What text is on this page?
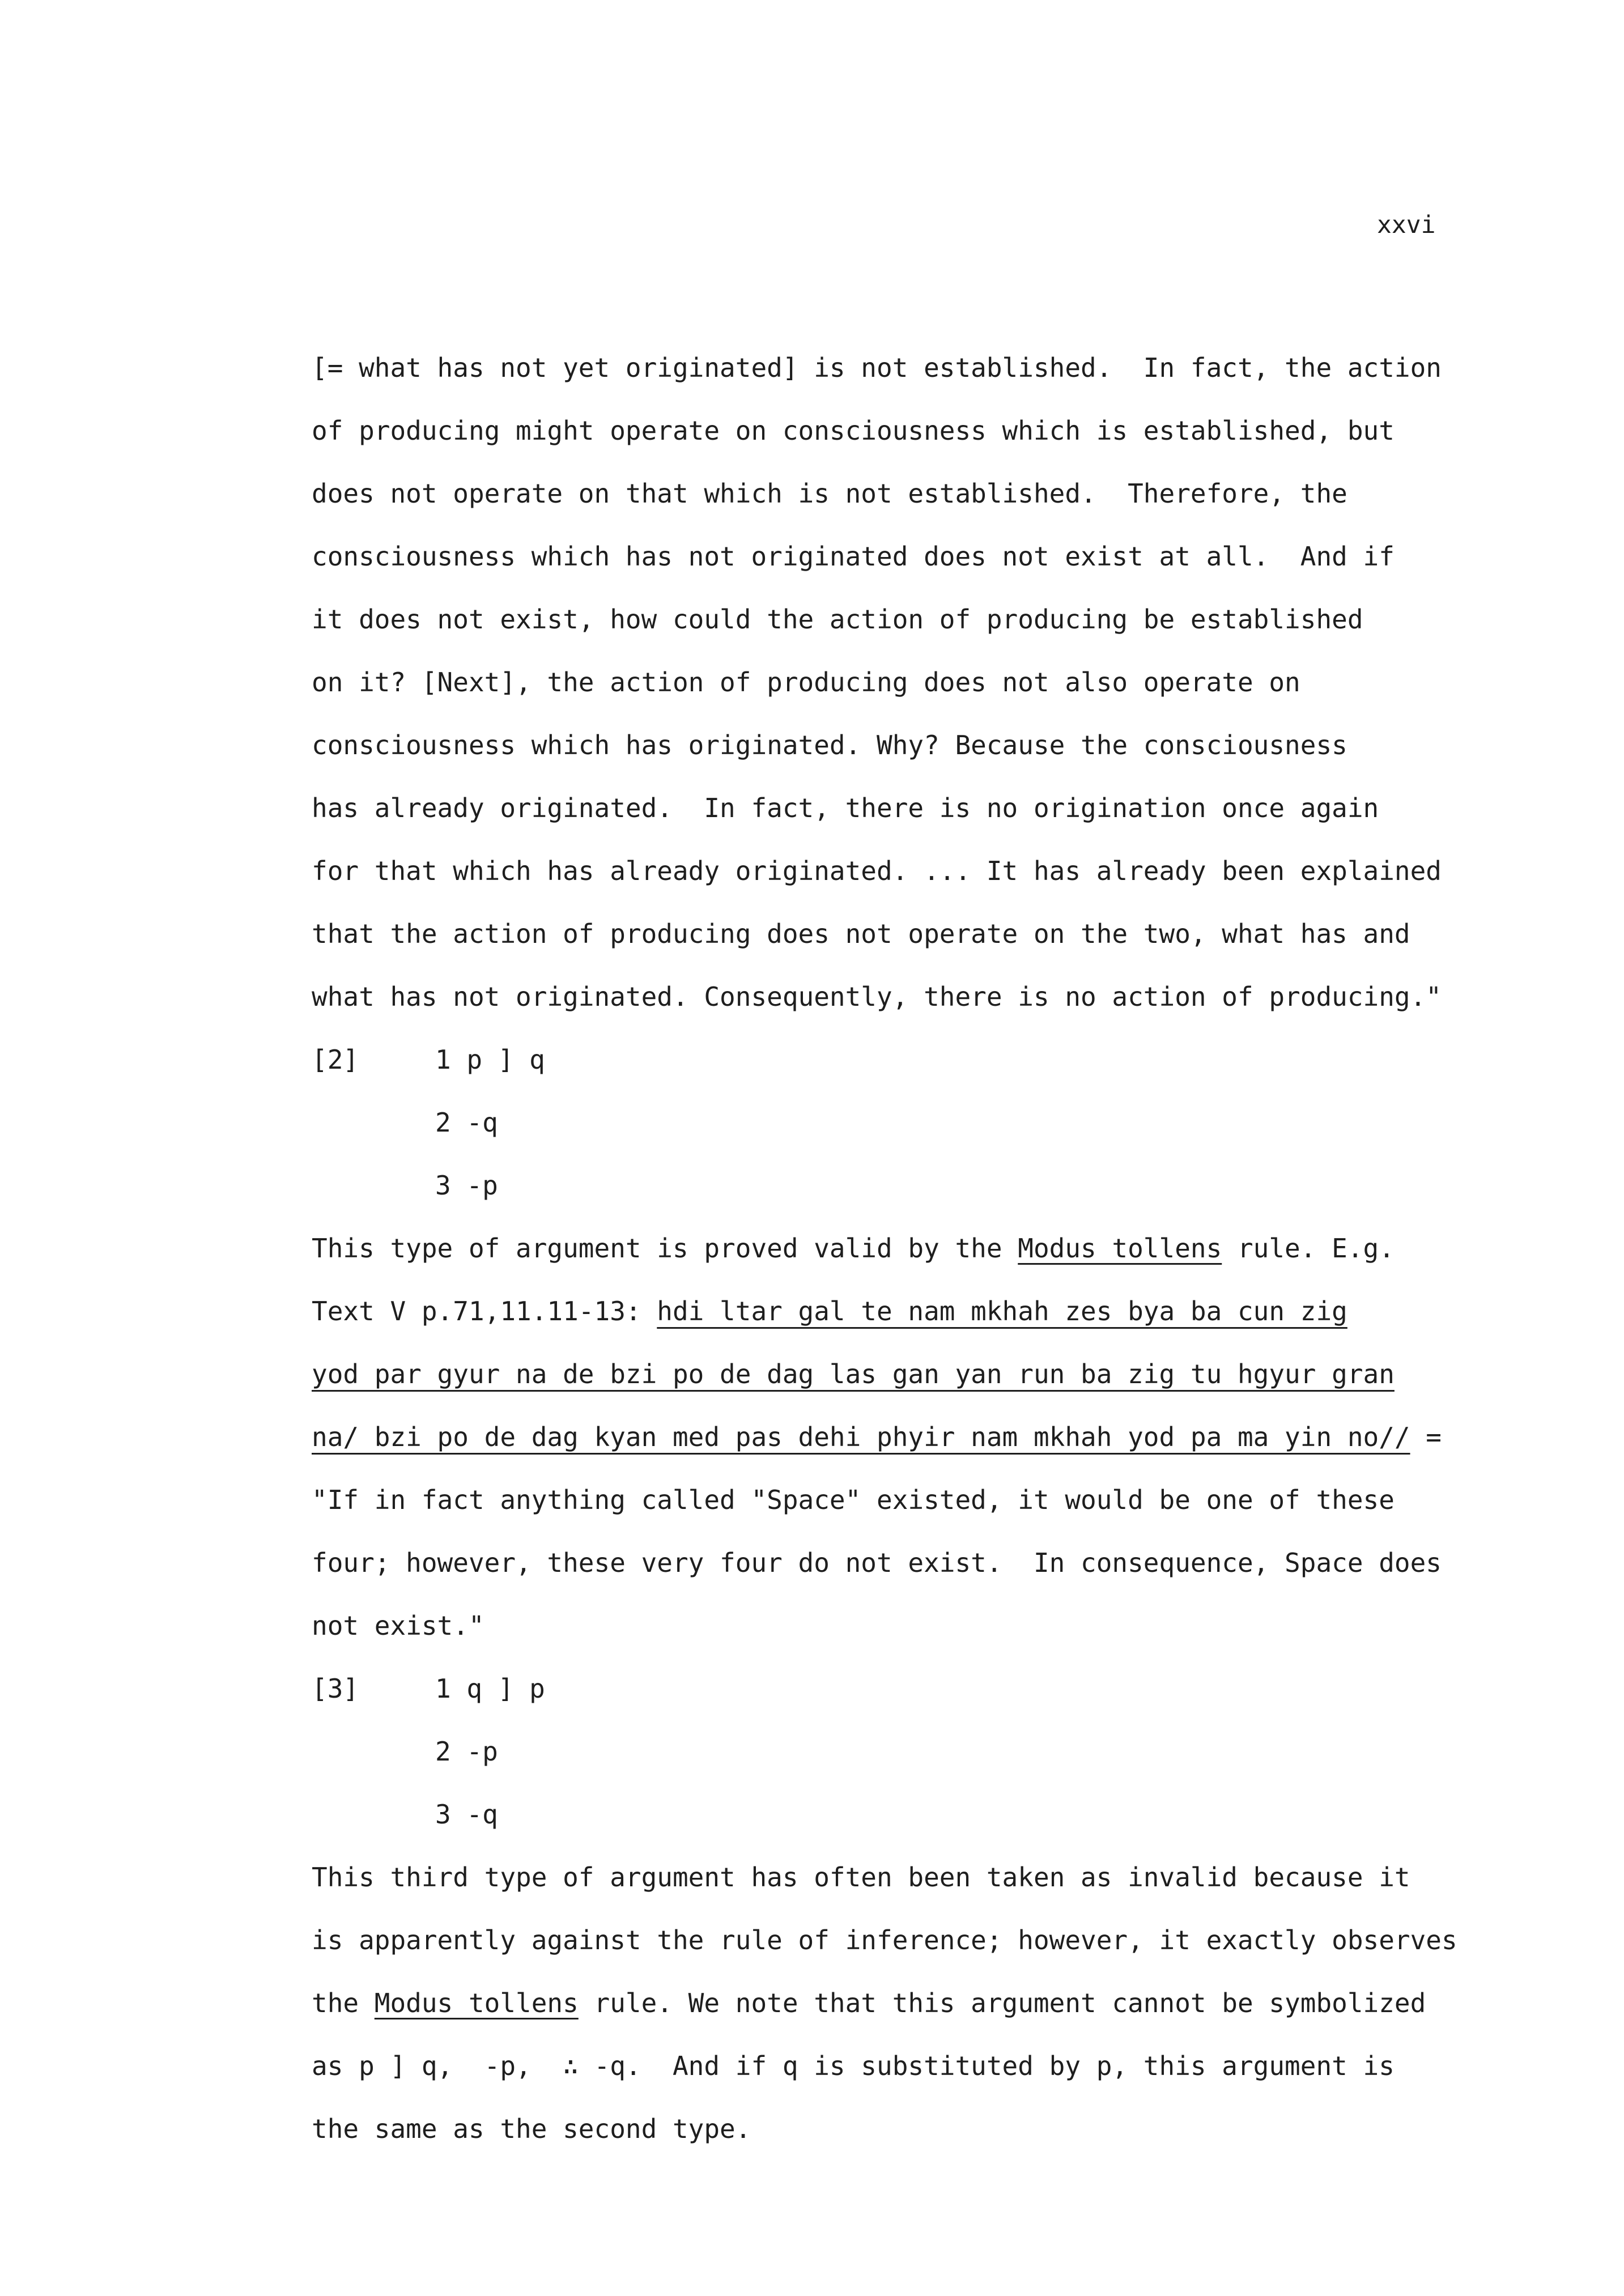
xxvi
[= what has not yet originated] is not established.  In fact, the action
of producing might operate on consciousness which is established, but
does not operate on that which is not established.  Therefore, the
consciousness which has not originated does not exist at all.  And if
it does not exist, how could the action of producing be established
on it? [Next], the action of producing does not also operate on
consciousness which has originated. Why? Because the consciousness
has already originated.  In fact, there is no origination once again
for that which has already originated. ... It has already been explained
that the action of producing does not operate on the two, what has and
what has not originated. Consequently, there is no action of producing."
[2]	1 p ] q
2 -q
3 -p
This type of argument is proved valid by the Modus tollens rule. E.g.
Text V p.71,11.11-13: hdi ltar gal te nam mkhah zes bya ba cun zig
yod par gyur na de bzi po de dag las gan yan run ba zig tu hgyur gran
na/ bzi po de dag kyan med pas dehi phyir nam mkhah yod pa ma yin no// =
"If in fact anything called "Space" existed, it would be one of these
four; however, these very four do not exist.  In consequence, Space does
not exist."
[3]	1 q ] p
2 -p
3 -q
This third type of argument has often been taken as invalid because it
is apparently against the rule of inference; however, it exactly observes
the Modus tollens rule. We note that this argument cannot be symbolized
as p ] q,  -p,  ∴ -q.  And if q is substituted by p, this argument is
the same as the second type.
